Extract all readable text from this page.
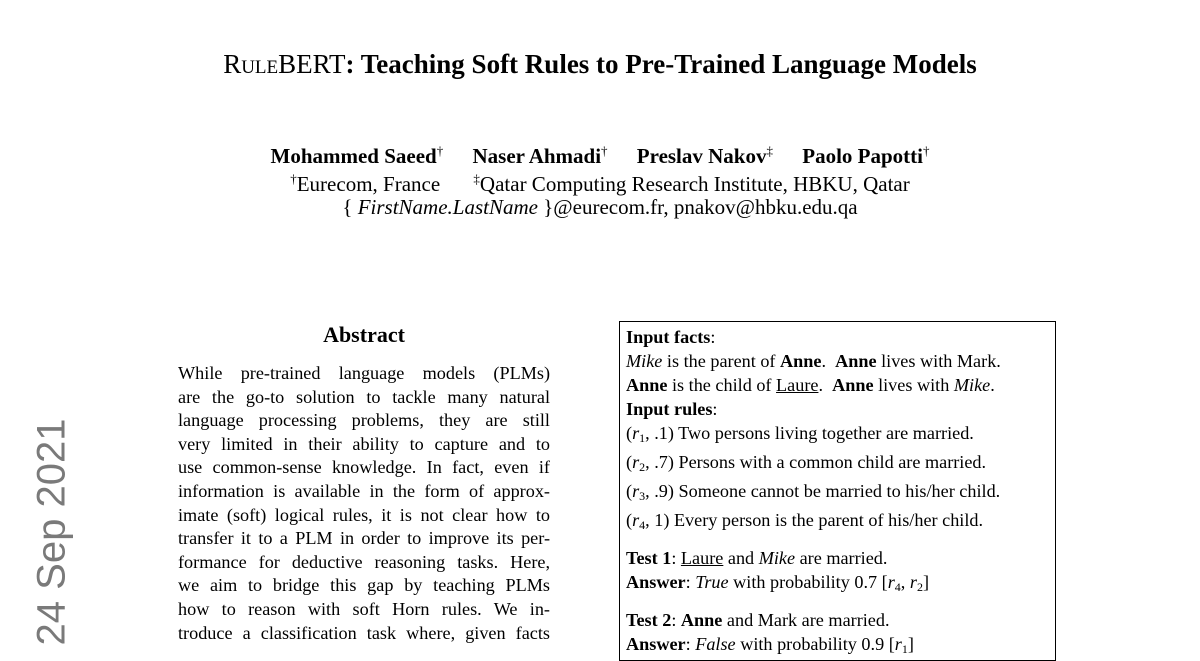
RuleBERT: Teaching Soft Rules to Pre-Trained Language Models
Mohammed Saeed† Naser Ahmadi† Preslav Nakov‡ Paolo Papotti†
†Eurecom, France	‡Qatar Computing Research Institute, HBKU, Qatar
{ FirstName.LastName }@eurecom.fr, pnakov@hbku.edu.qa
24 Sep 2021
Abstract
While pre-trained language models (PLMs)
are the go-to solution to tackle many natural
language processing problems, they are still
very limited in their ability to capture and to
use common-sense knowledge. In fact, even if
information is available in the form of approx-
imate (soft) logical rules, it is not clear how to
transfer it to a PLM in order to improve its per-
formance for deductive reasoning tasks. Here,
we aim to bridge this gap by teaching PLMs
how to reason with soft Horn rules. We in-
troduce a classification task where, given facts
Input facts:
Mike is the parent of Anne.  Anne lives with Mark.
Anne is the child of Laure.  Anne lives with Mike.
Input rules:
($r_1$, .1) Two persons living together are married.
($r_2$, .7) Persons with a common child are married.
($r_3$, .9) Someone cannot be married to his/her child.
($r_4$, 1) Every person is the parent of his/her child.
Test 1: Laure and Mike are married.
Answer: True with probability 0.7 [$r_4$, $r_2$]
Test 2: Anne and Mark are married.
Answer: False with probability 0.9 $[r_1]$
